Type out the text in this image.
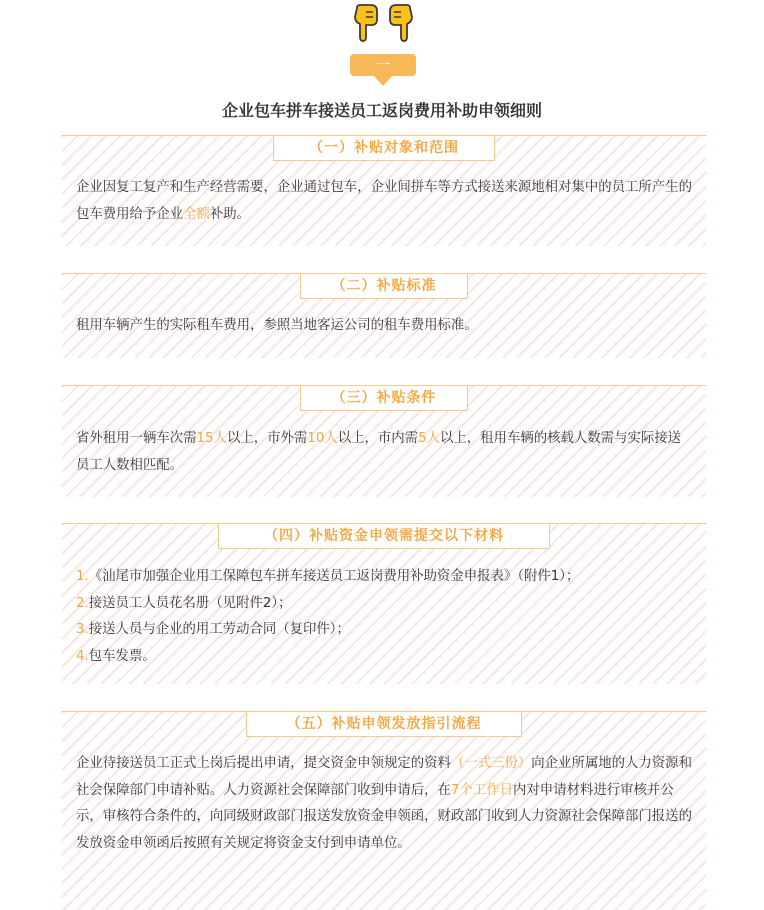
一
企业包车拼车接送员工返岗费用补助申领细则
（一）补贴对象和范围
企业因复工复产和生产经营需要，企业通过包车，企业间拼车等方式接送来源地相对集中的员工所产生的包车费用给予企业全额补助。
（二）补贴标准
租用车辆产生的实际租车费用，参照当地客运公司的租车费用标准。
（三）补贴条件
省外租用一辆车次需15人以上，市外需10人以上，市内需5人以上，租用车辆的核载人数需与实际接送员工人数相匹配。
（四）补贴资金申领需提交以下材料
1.《汕尾市加强企业用工保障包车拼车接送员工返岗费用补助资金申报表》（附件1）；
2.接送员工人员花名册（见附件2）；
3.接送人员与企业的用工劳动合同（复印件）；
4.包车发票。
（五）补贴申领发放指引流程
企业待接送员工正式上岗后提出申请，提交资金申领规定的资料（一式三份）向企业所属地的人力资源和社会保障部门申请补贴。人力资源社会保障部门收到申请后，在7个工作日内对申请材料进行审核并公示，审核符合条件的，向同级财政部门报送发放资金申领函，财政部门收到人力资源社会保障部门报送的发放资金申领函后按照有关规定将资金支付到申请单位。
